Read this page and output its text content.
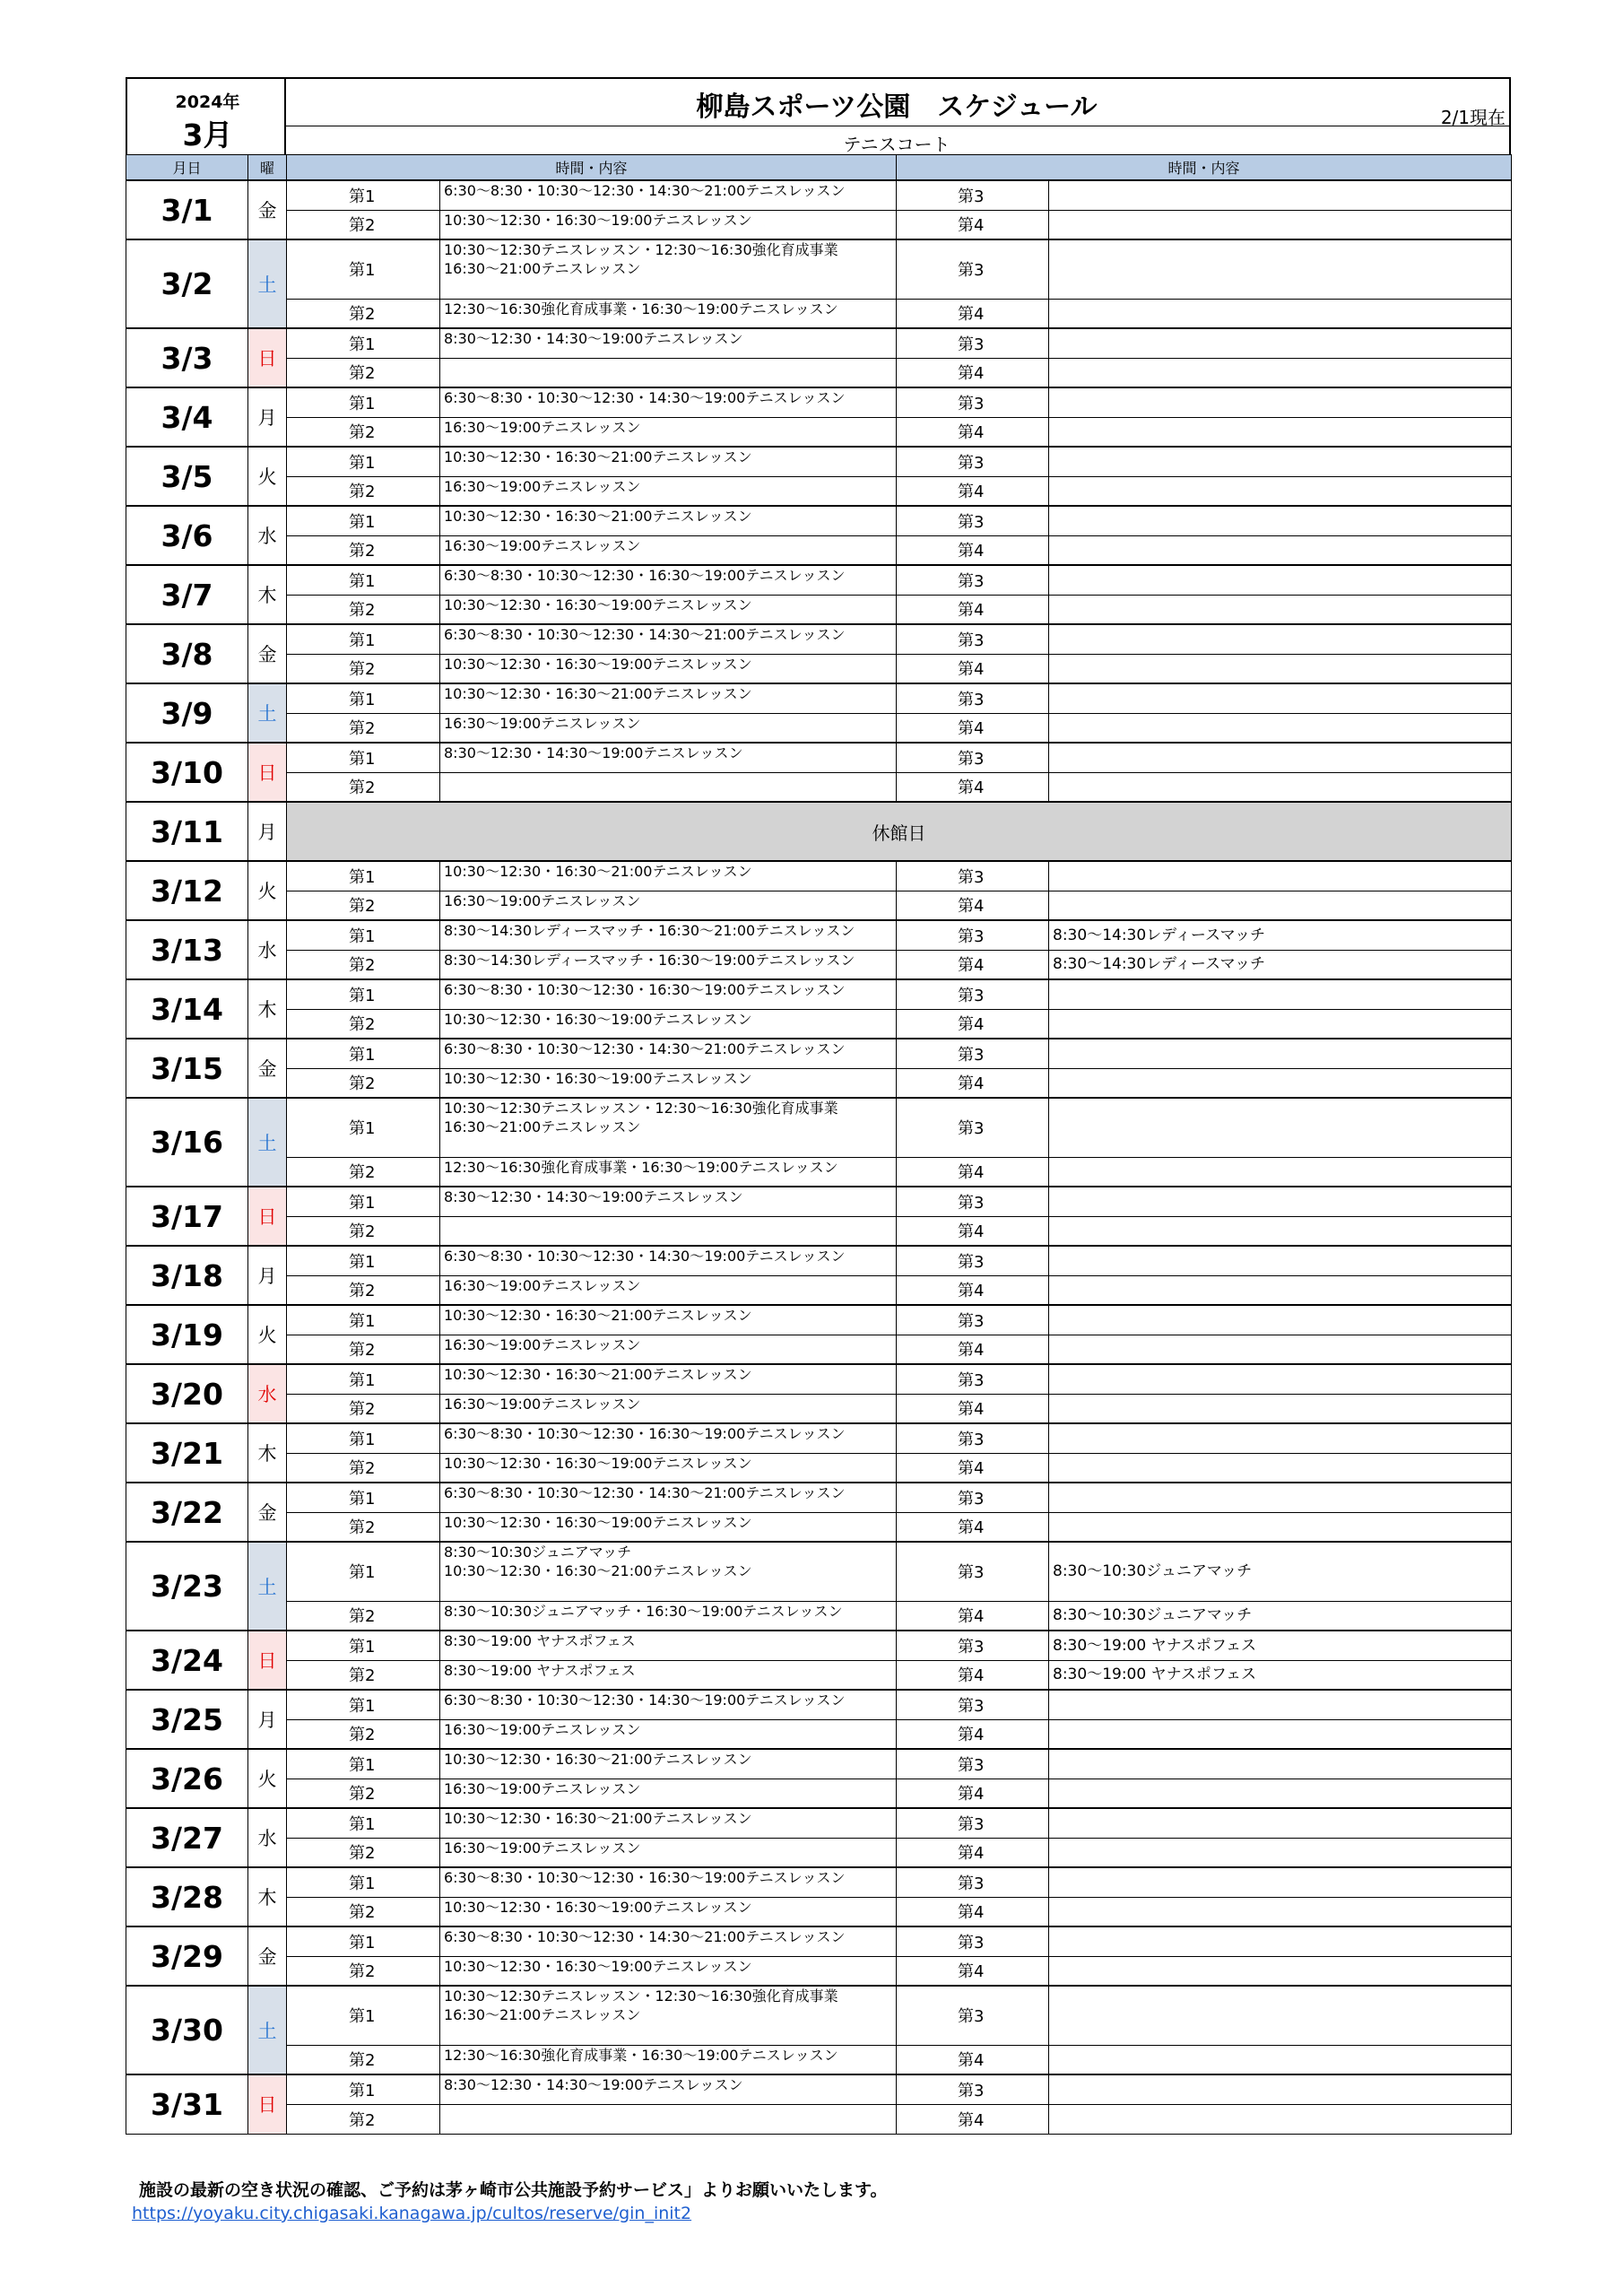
2024年
3月
柳島スポーツ公園　スケジュール	2/1現在
テニスコート
月日	曜	時間・内容		時間・内容	
3/1	金	第1	6:30～8:30・10:30～12:30・14:30～21:00テニスレッスン	第3	
		第2	10:30～12:30・16:30～19:00テニスレッスン	第4	
3/2	土	第1	10:30～12:30テニスレッスン・12:30～16:30強化育成事業
16:30～21:00テニスレッスン	第3	
		第2	12:30～16:30強化育成事業・16:30～19:00テニスレッスン	第4	
3/3	日	第1	8:30～12:30・14:30～19:00テニスレッスン	第3	
		第2		第4	
3/4	月	第1	6:30～8:30・10:30～12:30・14:30～19:00テニスレッスン	第3	
		第2	16:30～19:00テニスレッスン	第4	
3/5	火	第1	10:30～12:30・16:30～21:00テニスレッスン	第3	
		第2	16:30～19:00テニスレッスン	第4	
3/6	水	第1	10:30～12:30・16:30～21:00テニスレッスン	第3	
		第2	16:30～19:00テニスレッスン	第4	
3/7	木	第1	6:30～8:30・10:30～12:30・16:30～19:00テニスレッスン	第3	
		第2	10:30～12:30・16:30～19:00テニスレッスン	第4	
3/8	金	第1	6:30～8:30・10:30～12:30・14:30～21:00テニスレッスン	第3	
		第2	10:30～12:30・16:30～19:00テニスレッスン	第4	
3/9	土	第1	10:30～12:30・16:30～21:00テニスレッスン	第3	
		第2	16:30～19:00テニスレッスン	第4	
3/10	日	第1	8:30～12:30・14:30～19:00テニスレッスン	第3	
		第2		第4	
3/11	月	休館日			

3/12	火	第1	10:30～12:30・16:30～21:00テニスレッスン	第3	
		第2	16:30～19:00テニスレッスン	第4	
3/13	水	第1	8:30～14:30レディースマッチ・16:30～21:00テニスレッスン	第3	8:30～14:30レディースマッチ
		第2	8:30～14:30レディースマッチ・16:30～19:00テニスレッスン	第4	8:30～14:30レディースマッチ
3/14	木	第1	6:30～8:30・10:30～12:30・16:30～19:00テニスレッスン	第3	
		第2	10:30～12:30・16:30～19:00テニスレッスン	第4	
3/15	金	第1	6:30～8:30・10:30～12:30・14:30～21:00テニスレッスン	第3	
		第2	10:30～12:30・16:30～19:00テニスレッスン	第4	
3/16	土	第1	10:30～12:30テニスレッスン・12:30～16:30強化育成事業
16:30～21:00テニスレッスン	第3	
		第2	12:30～16:30強化育成事業・16:30～19:00テニスレッスン	第4	
3/17	日	第1	8:30～12:30・14:30～19:00テニスレッスン	第3	
		第2		第4	
3/18	月	第1	6:30～8:30・10:30～12:30・14:30～19:00テニスレッスン	第3	
		第2	16:30～19:00テニスレッスン	第4	
3/19	火	第1	10:30～12:30・16:30～21:00テニスレッスン	第3	
		第2	16:30～19:00テニスレッスン	第4	
3/20	水	第1	10:30～12:30・16:30～21:00テニスレッスン	第3	
		第2	16:30～19:00テニスレッスン	第4	
3/21	木	第1	6:30～8:30・10:30～12:30・16:30～19:00テニスレッスン	第3	
		第2	10:30～12:30・16:30～19:00テニスレッスン	第4	
3/22	金	第1	6:30～8:30・10:30～12:30・14:30～21:00テニスレッスン	第3	
		第2	10:30～12:30・16:30～19:00テニスレッスン	第4	
3/23	土	第1	8:30～10:30ジュニアマッチ
10:30～12:30・16:30～21:00テニスレッスン	第3	8:30～10:30ジュニアマッチ
		第2	8:30～10:30ジュニアマッチ・16:30～19:00テニスレッスン	第4	8:30～10:30ジュニアマッチ
3/24	日	第1	8:30～19:00 ヤナスポフェス	第3	8:30～19:00 ヤナスポフェス
		第2	8:30～19:00 ヤナスポフェス	第4	8:30～19:00 ヤナスポフェス
3/25	月	第1	6:30～8:30・10:30～12:30・14:30～19:00テニスレッスン	第3	
		第2	16:30～19:00テニスレッスン	第4	
3/26	火	第1	10:30～12:30・16:30～21:00テニスレッスン	第3	
		第2	16:30～19:00テニスレッスン	第4	
3/27	水	第1	10:30～12:30・16:30～21:00テニスレッスン	第3	
		第2	16:30～19:00テニスレッスン	第4	
3/28	木	第1	6:30～8:30・10:30～12:30・16:30～19:00テニスレッスン	第3	
		第2	10:30～12:30・16:30～19:00テニスレッスン	第4	
3/29	金	第1	6:30～8:30・10:30～12:30・14:30～21:00テニスレッスン	第3	
		第2	10:30～12:30・16:30～19:00テニスレッスン	第4	
3/30	土	第1	10:30～12:30テニスレッスン・12:30～16:30強化育成事業
16:30～21:00テニスレッスン	第3	
		第2	12:30～16:30強化育成事業・16:30～19:00テニスレッスン	第4	
3/31	日	第1	8:30～12:30・14:30～19:00テニスレッスン	第3	
		第2		第4	
施設の最新の空き状況の確認、ご予約は茅ヶ崎市公共施設予約サービス」よりお願いいたします。
https://yoyaku.city.chigasaki.kanagawa.jp/cultos/reserve/gin_init2
